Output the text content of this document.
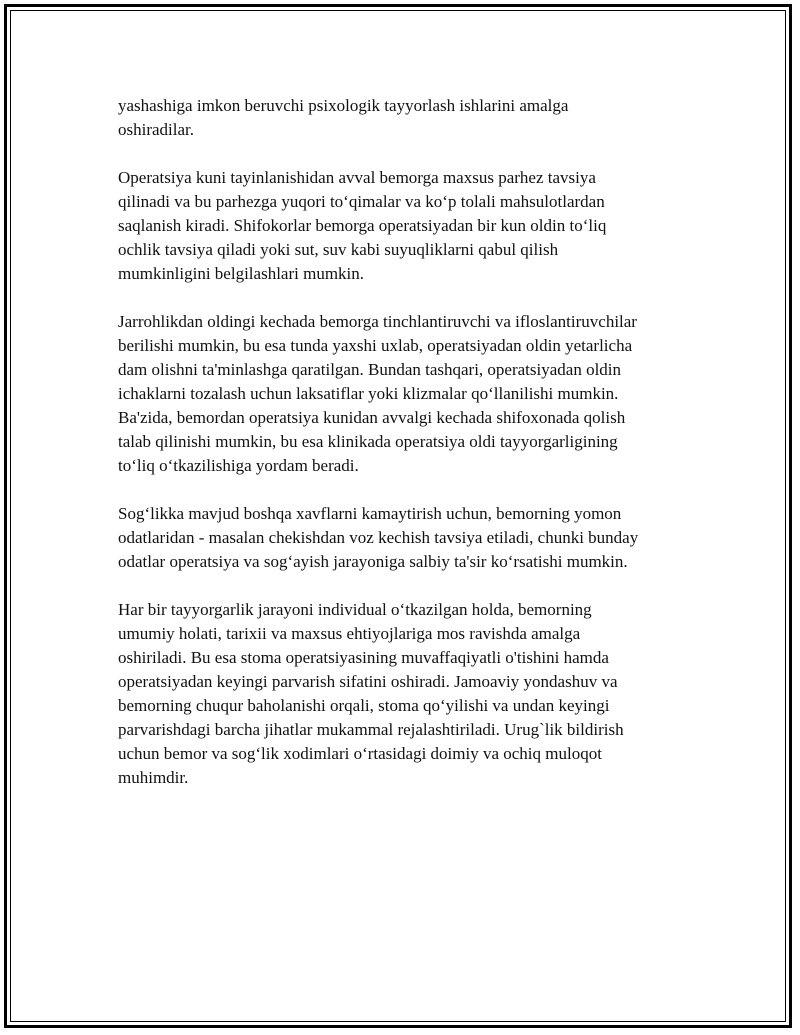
yashashiga imkon beruvchi psixologik tayyorlash ishlarini amalga
oshiradilar.

Operatsiya kuni tayinlanishidan avval bemorga maxsus parhez tavsiya
qilinadi va bu parhezga yuqori to‘qimalar va ko‘p tolali mahsulotlardan
saqlanish kiradi. Shifokorlar bemorga operatsiyadan bir kun oldin to‘liq
ochlik tavsiya qiladi yoki sut, suv kabi suyuqliklarni qabul qilish
mumkinligini belgilashlari mumkin.

Jarrohlikdan oldingi kechada bemorga tinchlantiruvchi va ifloslantiruvchilar
berilishi mumkin, bu esa tunda yaxshi uxlab, operatsiyadan oldin yetarlicha
dam olishni ta'minlashga qaratilgan. Bundan tashqari, operatsiyadan oldin
ichaklarni tozalash uchun laksatiflar yoki klizmalar qo‘llanilishi mumkin.
Ba'zida, bemordan operatsiya kunidan avvalgi kechada shifoxonada qolish
talab qilinishi mumkin, bu esa klinikada operatsiya oldi tayyorgarligining
to‘liq o‘tkazilishiga yordam beradi.

Sog‘likka mavjud boshqa xavflarni kamaytirish uchun, bemorning yomon
odatlaridan - masalan chekishdan voz kechish tavsiya etiladi, chunki bunday
odatlar operatsiya va sog‘ayish jarayoniga salbiy ta'sir ko‘rsatishi mumkin.

Har bir tayyorgarlik jarayoni individual o‘tkazilgan holda, bemorning
umumiy holati, tarixii va maxsus ehtiyojlariga mos ravishda amalga
oshiriladi. Bu esa stoma operatsiyasining muvaffaqiyatli o'tishini hamda
operatsiyadan keyingi parvarish sifatini oshiradi. Jamoaviy yondashuv va
bemorning chuqur baholanishi orqali, stoma qo‘yilishi va undan keyingi
parvarishdagi barcha jihatlar mukammal rejalashtiriladi. Urug`lik bildirish
uchun bemor va sog‘lik xodimlari o‘rtasidagi doimiy va ochiq muloqot
muhimdir.
